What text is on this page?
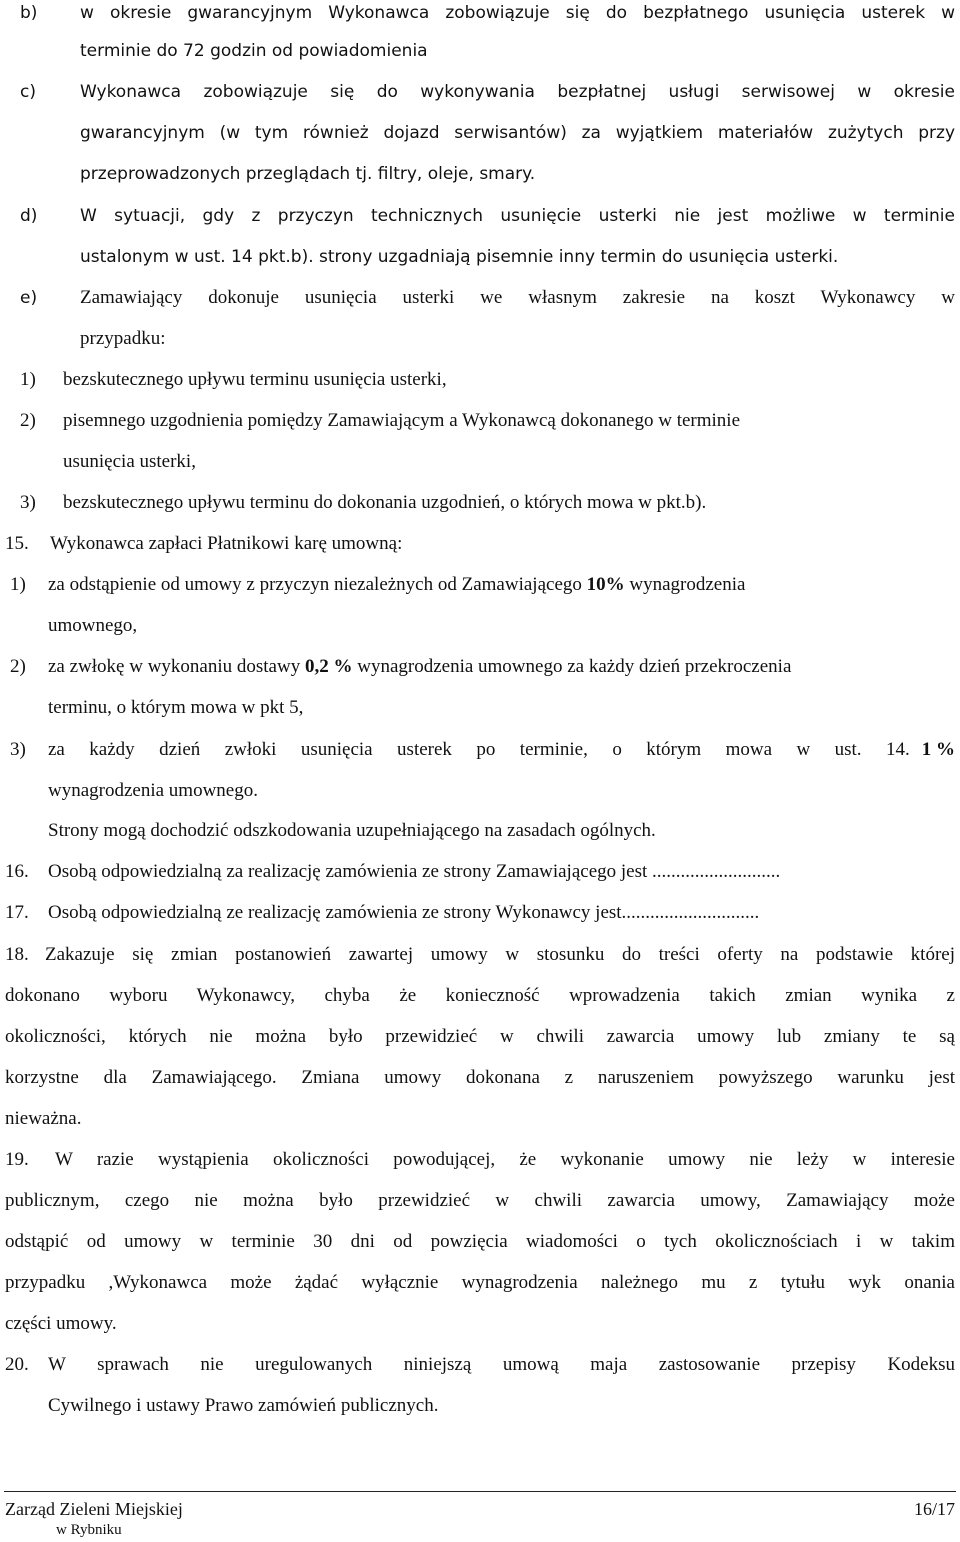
b)	w okresie gwarancyjnym Wykonawca zobowiązuje się do bezpłatnego usunięcia usterek w
terminie do 72 godzin od powiadomienia
c)	Wykonawca zobowiązuje się do wykonywania bezpłatnej usługi serwisowej w okresie
gwarancyjnym (w tym również dojazd serwisantów) za wyjątkiem materiałów zużytych przy
przeprowadzonych przeglądach tj. filtry, oleje, smary.
d)	W sytuacji, gdy z przyczyn technicznych usunięcie usterki nie jest możliwe w terminie
ustalonym w ust. 14 pkt.b). strony uzgadniają pisemnie inny termin do usunięcia usterki.
e) Zamawiający dokonuje usunięcia usterki we własnym zakresie na koszt Wykonawcy w
przypadku:
1) bezskutecznego upływu terminu usunięcia usterki,
2) pisemnego uzgodnienia pomiędzy Zamawiającym a Wykonawcą dokonanego w terminie
usunięcia usterki,
3) bezskutecznego upływu terminu do dokonania uzgodnień, o których mowa w pkt.b).
15. Wykonawca zapłaci Płatnikowi karę umowną:
1) za odstąpienie od umowy z przyczyn niezależnych od Zamawiającego 10% wynagrodzenia
umownego,
2) za zwłokę w wykonaniu dostawy 0,2 % wynagrodzenia umownego za każdy dzień przekroczenia
terminu, o którym mowa w pkt 5,
3) za każdy dzień zwłoki usunięcia usterek po terminie, o którym mowa w ust. 14. 1 %
wynagrodzenia umownego.
Strony mogą dochodzić odszkodowania uzupełniającego na zasadach ogólnych.
16. Osobą odpowiedzialną za realizację zamówienia ze strony Zamawiającego jest ...........................
17. Osobą odpowiedzialną ze realizację zamówienia ze strony Wykonawcy jest.............................
18. Zakazuje się zmian postanowień zawartej umowy w stosunku do treści oferty na podstawie której
dokonano wyboru Wykonawcy, chyba że konieczność wprowadzenia takich zmian wynika z
okoliczności, których nie można było przewidzieć w chwili zawarcia umowy lub zmiany te są
korzystne dla Zamawiającego. Zmiana umowy dokonana z naruszeniem powyższego warunku jest
nieważna.
19. W razie wystąpienia okoliczności powodującej, że wykonanie umowy nie leży w interesie
publicznym, czego nie można było przewidzieć w chwili zawarcia umowy, Zamawiający może
odstąpić od umowy w terminie 30 dni od powzięcia wiadomości o tych okolicznościach i w takim
przypadku ,Wykonawca może żądać wyłącznie wynagrodzenia należnego mu z tytułu wyk onania
części umowy.
20. W sprawach nie uregulowanych niniejszą umową maja zastosowanie przepisy Kodeksu
Cywilnego i ustawy Prawo zamówień publicznych.
Zarząd Zieleni Miejskiej	16/17
w Rybniku
